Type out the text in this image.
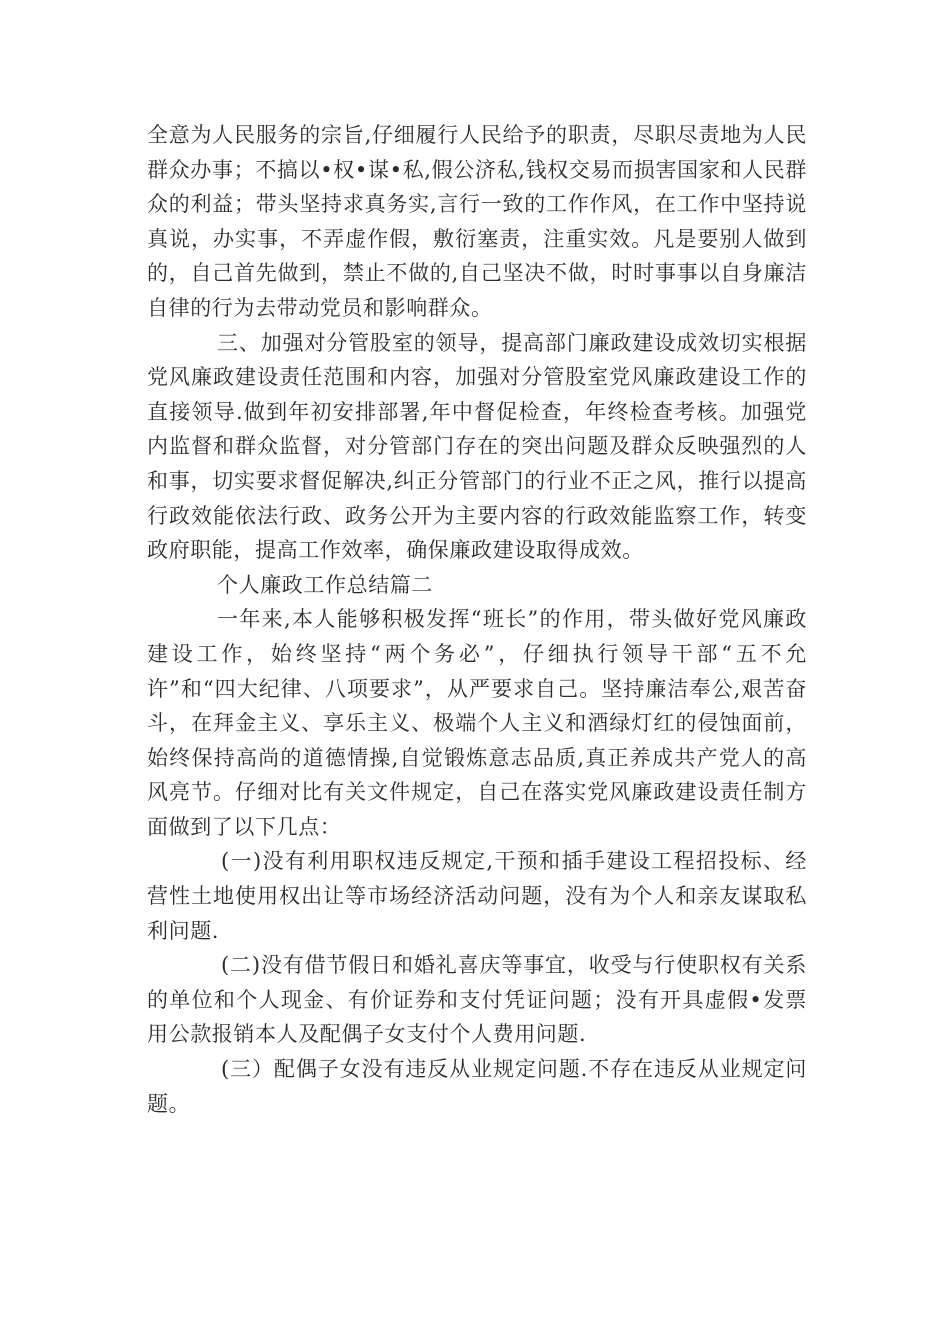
全意为人民服务的宗旨,仔细履行人民给予的职责，尽职尽责地为人民群众办事；不搞以•权•谋•私,假公济私,钱权交易而损害国家和人民群众的利益；带头坚持求真务实,言行一致的工作作风，在工作中坚持说真说，办实事，不弄虚作假，敷衍塞责，注重实效。凡是要别人做到的，自己首先做到，禁止不做的,自己坚决不做，时时事事以自身廉洁自律的行为去带动党员和影响群众。

三、加强对分管股室的领导，提高部门廉政建设成效切实根据党风廉政建设责任范围和内容，加强对分管股室党风廉政建设工作的直接领导.做到年初安排部署,年中督促检查，年终检查考核。加强党内监督和群众监督，对分管部门存在的突出问题及群众反映强烈的人和事，切实要求督促解决,纠正分管部门的行业不正之风，推行以提高行政效能依法行政、政务公开为主要内容的行政效能监察工作，转变政府职能，提高工作效率，确保廉政建设取得成效。

个人廉政工作总结篇二

一年来,本人能够积极发挥“班长”的作用，带头做好党风廉政建设工作，始终坚持“两个务必”，仔细执行领导干部“五不允许”和“四大纪律、八项要求”，从严要求自己。坚持廉洁奉公,艰苦奋斗，在拜金主义、享乐主义、极端个人主义和酒绿灯红的侵蚀面前，始终保持高尚的道德情操,自觉锻炼意志品质,真正养成共产党人的高风亮节。仔细对比有关文件规定，自己在落实党风廉政建设责任制方面做到了以下几点：

(一)没有利用职权违反规定,干预和插手建设工程招投标、经营性土地使用权出让等市场经济活动问题，没有为个人和亲友谋取私利问题.

(二)没有借节假日和婚礼喜庆等事宜，收受与行使职权有关系的单位和个人现金、有价证券和支付凭证问题；没有开具虚假•发票用公款报销本人及配偶子女支付个人费用问题.

(三）配偶子女没有违反从业规定问题.不存在违反从业规定问题。
